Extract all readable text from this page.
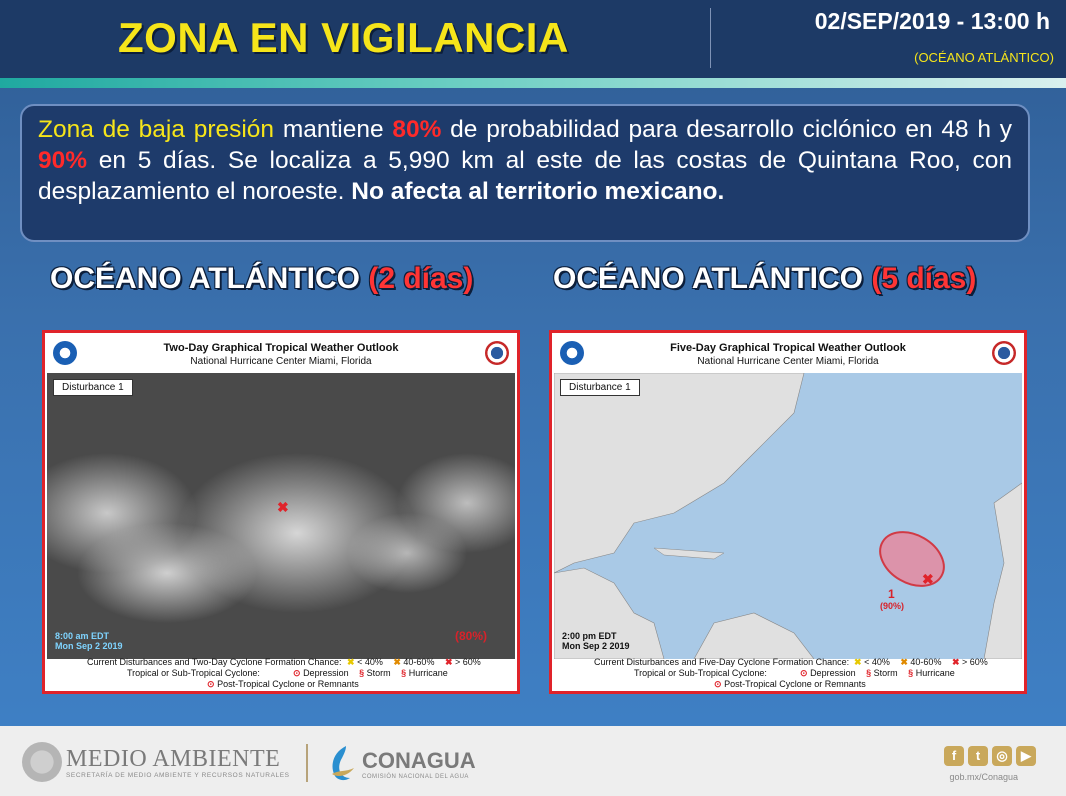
ZONA EN VIGILANCIA	02/SEP/2019 - 13:00 h
(OCÉANO ATLÁNTICO)

Zona de baja presión mantiene 80% de probabilidad para desarrollo ciclónico en 48 h y 90% en 5 días. Se localiza a 5,990 km al este de las costas de Quintana Roo, con desplazamiento el noroeste. No afecta al territorio mexicano.

OCÉANO ATLÁNTICO (2 días)	OCÉANO ATLÁNTICO (5 días)
Two-Day Graphical Tropical Weather Outlook
National Hurricane Center Miami, Florida
Disturbance 1
✖
(80%)
8:00 am EDT
Mon Sep 2 2019
Current Disturbances and Two-Day Cyclone Formation Chance: ✖ < 40% ✖ 40-60% ✖ > 60%
Tropical or Sub-Tropical Cyclone:	⊙ Depression § Storm § Hurricane
⊙ Post-Tropical Cyclone or Remnants
Five-Day Graphical Tropical Weather Outlook
National Hurricane Center Miami, Florida
Disturbance 1
✖
1
(90%)
2:00 pm EDT
Mon Sep 2 2019
Current Disturbances and Five-Day Cyclone Formation Chance: ✖ < 40% ✖ 40-60% ✖ > 60%
Tropical or Sub-Tropical Cyclone:	⊙ Depression § Storm § Hurricane
⊙ Post-Tropical Cyclone or Remnants
MEDIO AMBIENTE
SECRETARÍA DE MEDIO AMBIENTE Y RECURSOS NATURALES
CONAGUA
COMISIÓN NACIONAL DEL AGUA
f t ◎ ▶
gob.mx/Conagua
